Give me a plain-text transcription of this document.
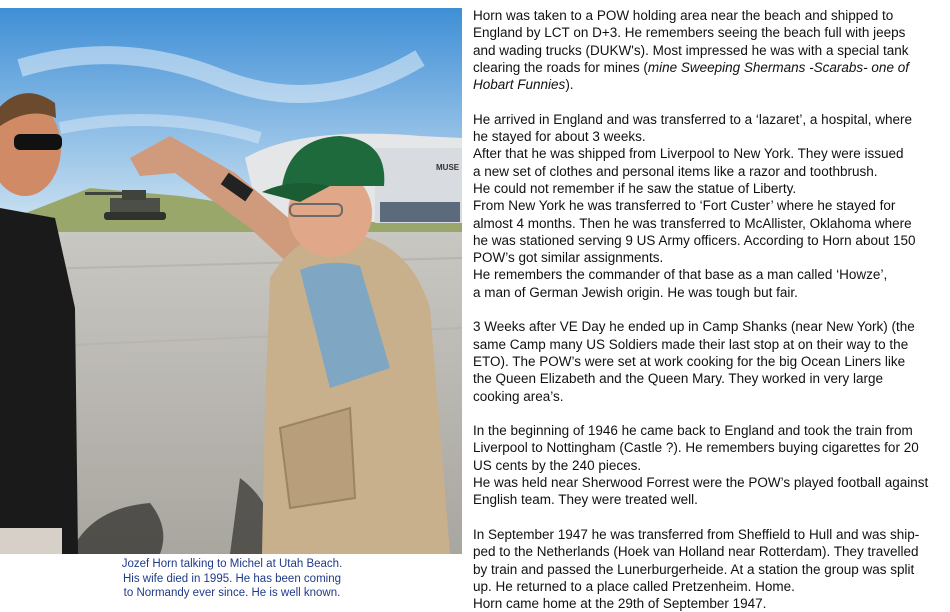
MUSE
Jozef Horn talking to Michel at Utah Beach.
His wife died in 1995. He has been coming
to Normandy ever since. He is well known.

Horn was taken to a POW holding area near the beach and shipped to
England by LCT on D+3. He remembers seeing the beach full with jeeps
and wading trucks (DUKW's). Most impressed he was with a special tank
clearing the roads for mines (mine Sweeping Shermans -Scarabs- one of
Hobart Funnies).

He arrived in England and was transferred to a ‘lazaret’, a hospital, where
he stayed for about 3 weeks.
After that he was shipped from Liverpool to New York. They were issued
a new set of clothes and personal items like a razor and toothbrush.
He could not remember if he saw the statue of Liberty.
From New York he was transferred to ‘Fort Custer’ where he stayed for
almost 4 months. Then he was transferred to McAllister, Oklahoma where
he was stationed serving 9 US Army officers. According to Horn about 150
POW’s got similar assignments.
He remembers the commander of that base as a man called ‘Howze’,
a man of German Jewish origin. He was tough but fair.

3 Weeks after VE Day he ended up in Camp Shanks (near New York) (the
same Camp many US Soldiers made their last stop at on their way to the
ETO). The POW’s were set at work cooking for the big Ocean Liners like
the Queen Elizabeth and the Queen Mary. They worked in very large
cooking area’s.

In the beginning of 1946 he came back to England and took the train from
Liverpool to Nottingham (Castle ?). He remembers buying cigarettes for 20
US cents by the 240 pieces.
He was held near Sherwood Forrest were the POW’s played football against
English team. They were treated well.

In September 1947 he was transferred from Sheffield to Hull and was ship-
ped to the Netherlands (Hoek van Holland near Rotterdam). They travelled
by train and passed the Lunerburgerheide. At a station the group was split
up. He returned to a place called Pretzenheim. Home.
Horn came home at the 29th of September 1947.
